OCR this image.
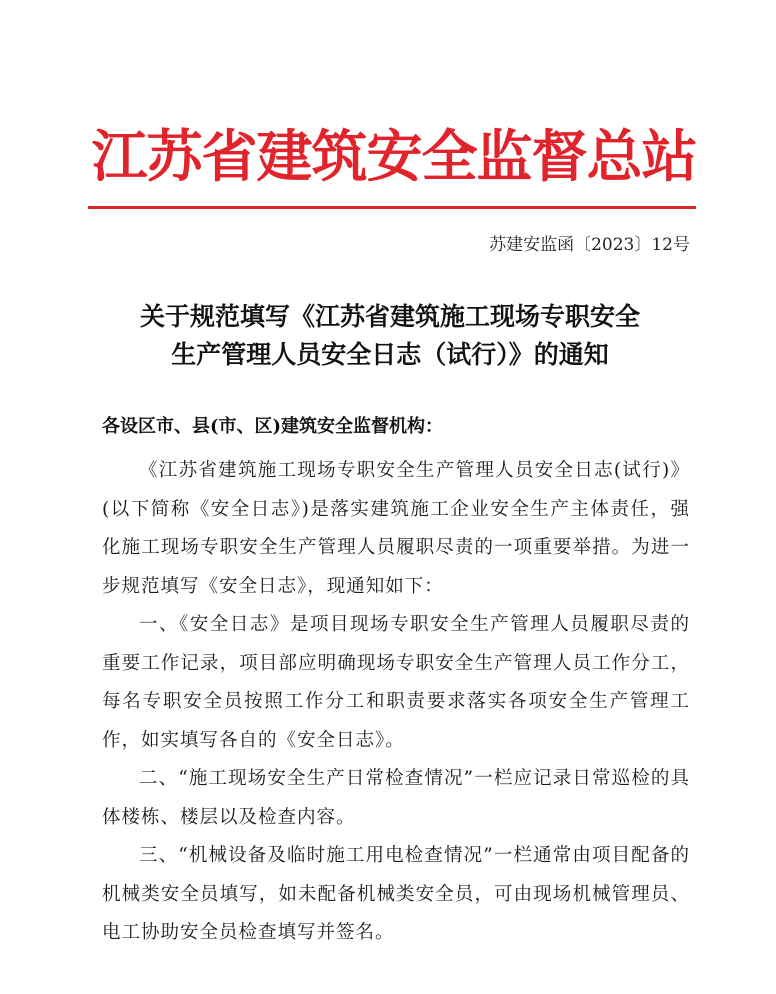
江苏省建筑安全监督总站
苏建安监函〔2023〕12号
关于规范填写《江苏省建筑施工现场专职安全
生产管理人员安全日志（试行）》的通知
各设区市、县(市、区)建筑安全监督机构：

《江苏省建筑施工现场专职安全生产管理人员安全日志(试行)》(以下简称《安全日志》)是落实建筑施工企业安全生产主体责任，强化施工现场专职安全生产管理人员履职尽责的一项重要举措。为进一步规范填写《安全日志》，现通知如下：

一、《安全日志》是项目现场专职安全生产管理人员履职尽责的重要工作记录，项目部应明确现场专职安全生产管理人员工作分工，每名专职安全员按照工作分工和职责要求落实各项安全生产管理工作，如实填写各自的《安全日志》。

二、“施工现场安全生产日常检查情况”一栏应记录日常巡检的具体楼栋、楼层以及检查内容。

三、“机械设备及临时施工用电检查情况”一栏通常由项目配备的机械类安全员填写，如未配备机械类安全员，可由现场机械管理员、电工协助安全员检查填写并签名。
